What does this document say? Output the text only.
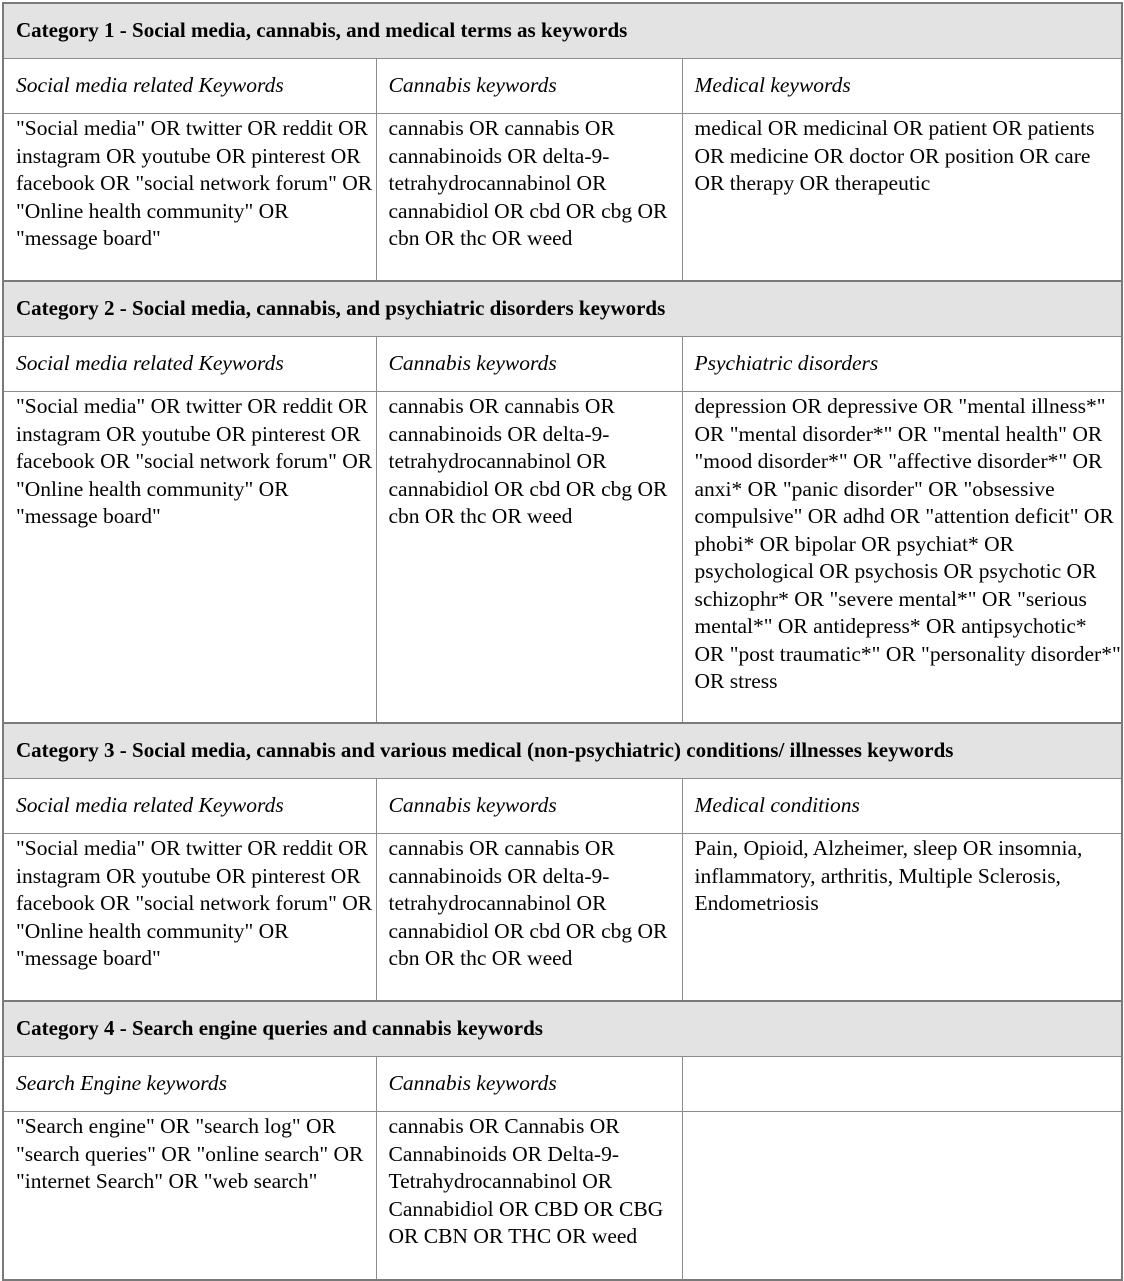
Category 1 - Social media, cannabis, and medical terms as keywords		
Social media related Keywords	Cannabis keywords	Medical keywords
"Social media" OR twitter OR reddit OR instagram OR youtube OR pinterest OR facebook OR "social network forum" OR "Online health community" OR "message board"	cannabis OR cannabis OR cannabinoids OR delta-9-tetrahydrocannabinol OR cannabidiol OR cbd OR cbg OR cbn OR thc OR weed	medical OR medicinal OR patient OR patients OR medicine OR doctor OR position OR care OR therapy OR therapeutic
Category 2 - Social media, cannabis, and psychiatric disorders keywords		
Social media related Keywords	Cannabis keywords	Psychiatric disorders
"Social media" OR twitter OR reddit OR instagram OR youtube OR pinterest OR facebook OR "social network forum" OR "Online health community" OR "message board"	cannabis OR cannabis OR cannabinoids OR delta-9-tetrahydrocannabinol OR cannabidiol OR cbd OR cbg OR cbn OR thc OR weed	depression OR depressive OR "mental illness*" OR "mental disorder*" OR "mental health" OR "mood disorder*" OR "affective disorder*" OR anxi* OR "panic disorder" OR "obsessive compulsive" OR adhd OR "attention deficit" OR phobi* OR bipolar OR psychiat* OR psychological OR psychosis OR psychotic OR schizophr* OR "severe mental*" OR "serious mental*" OR antidepress* OR antipsychotic* OR "post traumatic*" OR "personality disorder*" OR stress
Category 3 - Social media, cannabis and various medical (non-psychiatric) conditions/ illnesses keywords		
Social media related Keywords	Cannabis keywords	Medical conditions
"Social media" OR twitter OR reddit OR instagram OR youtube OR pinterest OR facebook OR "social network forum" OR "Online health community" OR "message board"	cannabis OR cannabis OR cannabinoids OR delta-9-tetrahydrocannabinol OR cannabidiol OR cbd OR cbg OR cbn OR thc OR weed	Pain, Opioid, Alzheimer, sleep OR insomnia, inflammatory, arthritis, Multiple Sclerosis, Endometriosis
Category 4 - Search engine queries and cannabis keywords		
Search Engine keywords	Cannabis keywords	
"Search engine" OR "search log" OR "search queries" OR "online search" OR "internet Search" OR "web search"	cannabis OR Cannabis OR Cannabinoids OR Delta-9-Tetrahydrocannabinol OR Cannabidiol OR CBD OR CBG OR CBN OR THC OR weed	
